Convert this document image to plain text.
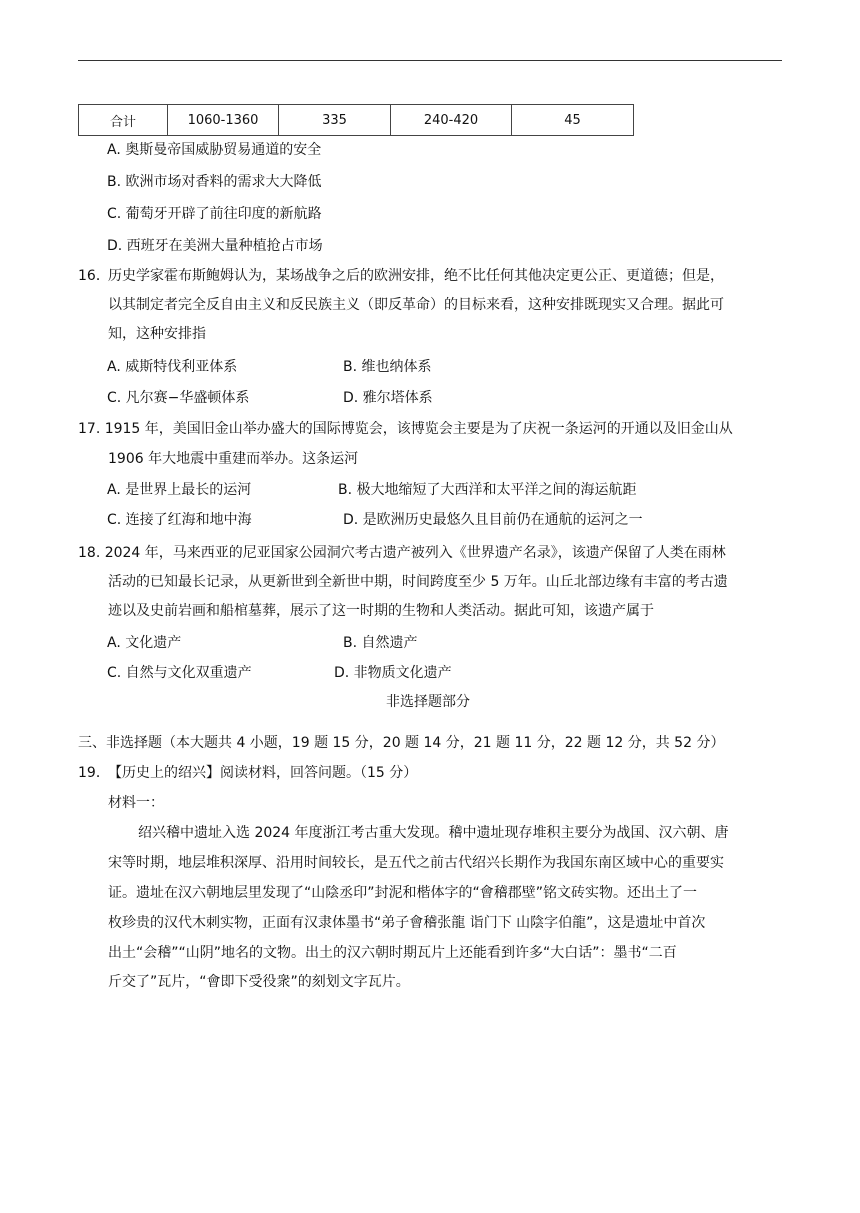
合计	1060-1360	335	240-420	45
A. 奥斯曼帝国威胁贸易通道的安全
B. 欧洲市场对香料的需求大大降低
C. 葡萄牙开辟了前往印度的新航路
D. 西班牙在美洲大量种植抢占市场
16．
历史学家霍布斯鲍姆认为，某场战争之后的欧洲安排，绝不比任何其他决定更公正、更道德；但是，
以其制定者完全反自由主义和反民族主义（即反革命）的目标来看，这种安排既现实又合理。据此可
知，这种安排指
A. 威斯特伐利亚体系	B. 维也纳体系
C. 凡尔赛−华盛顿体系	D. 雅尔塔体系
17. 1915 年，美国旧金山举办盛大的国际博览会，该博览会主要是为了庆祝一条运河的开通以及旧金山从
1906 年大地震中重建而举办。这条运河
A. 是世界上最长的运河	B. 极大地缩短了大西洋和太平洋之间的海运航距
C. 连接了红海和地中海	D. 是欧洲历史最悠久且目前仍在通航的运河之一
18. 2024 年，马来西亚的尼亚国家公园洞穴考古遗产被列入《世界遗产名录》，该遗产保留了人类在雨林
活动的已知最长记录，从更新世到全新世中期，时间跨度至少 5 万年。山丘北部边缘有丰富的考古遗
迹以及史前岩画和船棺墓葬，展示了这一时期的生物和人类活动。据此可知，该遗产属于
A. 文化遗产	B. 自然遗产
C. 自然与文化双重遗产	D. 非物质文化遗产
非选择题部分
三、非选择题（本大题共 4 小题，19 题 15 分，20 题 14 分，21 题 11 分，22 题 12 分，共 52 分）
19．
【历史上的绍兴】阅读材料，回答问题。（15 分）
材料一：
绍兴稽中遗址入选 2024 年度浙江考古重大发现。稽中遗址现存堆积主要分为战国、汉六朝、唐
宋等时期，地层堆积深厚、沿用时间较长，是五代之前古代绍兴长期作为我国东南区域中心的重要实
证。遗址在汉六朝地层里发现了“山陰丞印”封泥和楷体字的“會稽郡壁”铭文砖实物。还出土了一
枚珍贵的汉代木刺实物，正面有汉隶体墨书“弟子會稽张龍 诣门下 山陰字伯龍”，这是遗址中首次
出土“会稽”“山阴”地名的文物。出土的汉六朝时期瓦片上还能看到许多“大白话”：墨书“二百
斤交了”瓦片，“會即下受役衆”的刻划文字瓦片。
